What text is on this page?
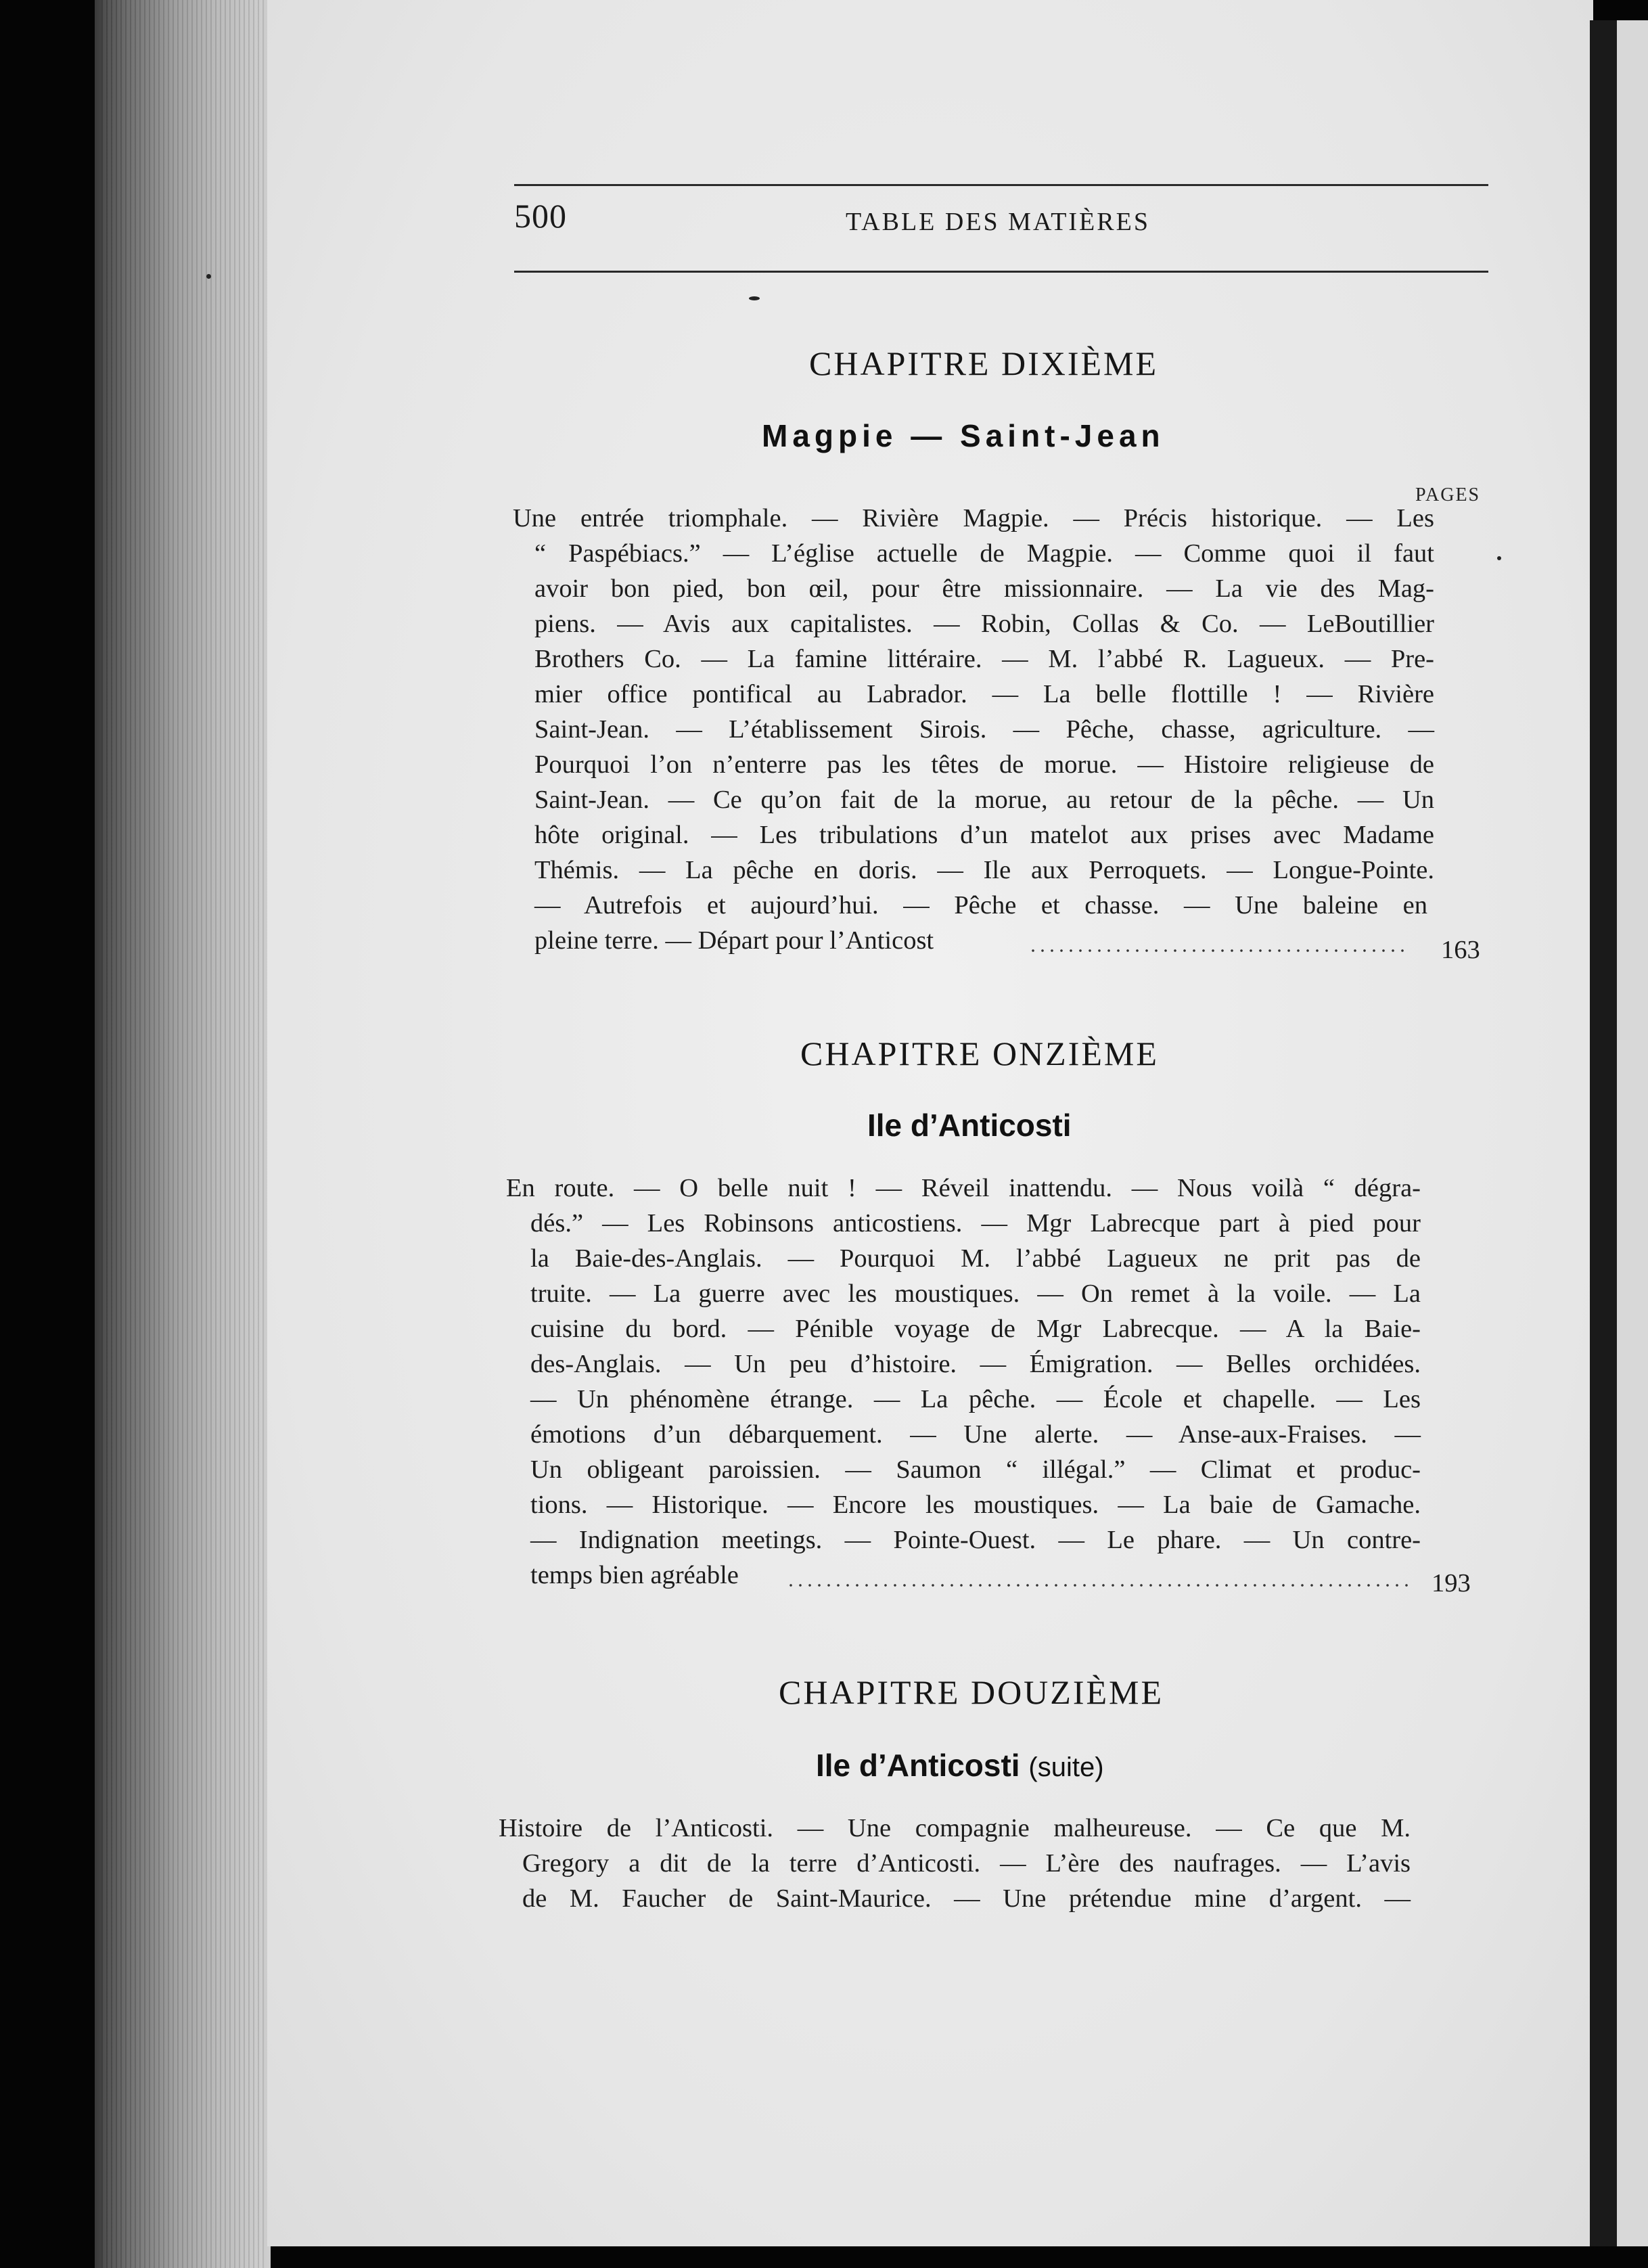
500	TABLE DES MATIÈRES
CHAPITRE DIXIÈME
Magpie — Saint-Jean
PAGES
Une entrée triomphale. — Rivière Magpie. — Précis historique. — Les
“ Paspébiacs.” — L’église actuelle de Magpie. — Comme quoi il faut
avoir bon pied, bon œil, pour être missionnaire. — La vie des Mag-
piens. — Avis aux capitalistes. — Robin, Collas & Co. — LeBoutillier
Brothers Co. — La famine littéraire. — M. l’abbé R. Lagueux. — Pre-
mier office pontifical au Labrador. — La belle flottille ! — Rivière
Saint-Jean. — L’établissement Sirois. — Pêche, chasse, agriculture. —
Pourquoi l’on n’enterre pas les têtes de morue. — Histoire religieuse de
Saint-Jean. — Ce qu’on fait de la morue, au retour de la pêche. — Un
hôte original. — Les tribulations d’un matelot aux prises avec Madame
Thémis. — La pêche en doris. — Ile aux Perroquets. — Longue-Pointe.
— Autrefois et aujourd’hui. — Pêche et chasse. — Une baleine en
pleine terre. — Départ pour l’Anticost	163
CHAPITRE ONZIÈME
Ile d’Anticosti
En route. — O belle nuit ! — Réveil inattendu. — Nous voilà “ dégra-
dés.” — Les Robinsons anticostiens. — Mgr Labrecque part à pied pour
la Baie-des-Anglais. — Pourquoi M. l’abbé Lagueux ne prit pas de
truite. — La guerre avec les moustiques. — On remet à la voile. — La
cuisine du bord. — Pénible voyage de Mgr Labrecque. — A la Baie-
des-Anglais. — Un peu d’histoire. — Émigration. — Belles orchidées.
— Un phénomène étrange. — La pêche. — École et chapelle. — Les
émotions d’un débarquement. — Une alerte. — Anse-aux-Fraises. —
Un obligeant paroissien. — Saumon “ illégal.” — Climat et produc-
tions. — Historique. — Encore les moustiques. — La baie de Gamache.
— Indignation meetings. — Pointe-Ouest. — Le phare. — Un contre-
temps bien agréable	193
CHAPITRE DOUZIÈME
Ile d’Anticosti (suite)
Histoire de l’Anticosti. — Une compagnie malheureuse. — Ce que M.
Gregory a dit de la terre d’Anticosti. — L’ère des naufrages. — L’avis
de M. Faucher de Saint-Maurice. — Une prétendue mine d’argent. —
